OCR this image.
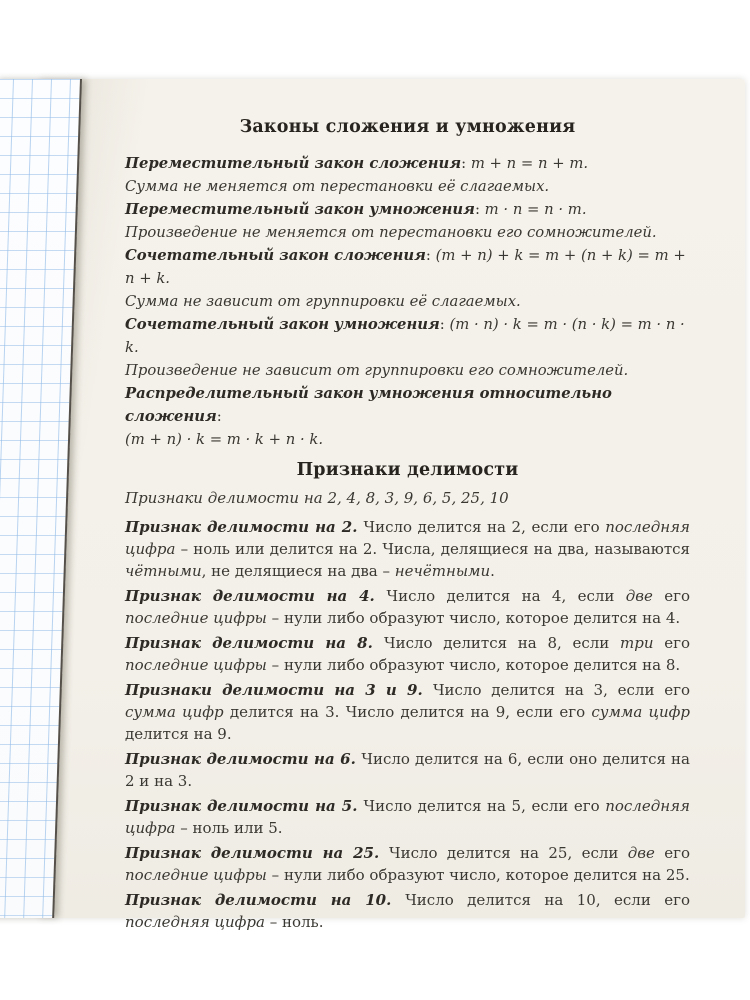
Законы сложения и умножения

Переместительный закон сложения: m + n = n + m.

Сумма не меняется от перестановки её слагаемых.

Переместительный закон умножения: m · n = n · m.

Произведение не меняется от перестановки его сомножителей.

Сочетательный закон сложения: (m + n) + k = m + (n + k) = m + n + k.

Сумма не зависит от группировки её слагаемых.

Сочетательный закон умножения: (m · n) · k = m · (n · k) = m · n · k.

Произведение не зависит от группировки его сомножителей.

Распределительный закон умножения относительно сложения:

(m + n) · k = m · k + n · k.

Признаки делимости

Признаки делимости на 2, 4, 8, 3, 9, 6, 5, 25, 10

Признак делимости на 2. Число делится на 2, если его последняя цифра – ноль или делится на 2. Числа, делящиеся на два, называются чётными, не делящиеся на два – нечётными.

Признак делимости на 4. Число делится на 4, если две его последние цифры – нули либо образуют число, которое делится на 4.

Признак делимости на 8. Число делится на 8, если три его последние цифры – нули либо образуют число, которое делится на 8.

Признаки делимости на 3 и 9. Число делится на 3, если его сумма цифр делится на 3. Число делится на 9, если его сумма цифр делится на 9.

Признак делимости на 6. Число делится на 6, если оно делится на 2 и на 3.

Признак делимости на 5. Число делится на 5, если его последняя цифра – ноль или 5.

Признак делимости на 25. Число делится на 25, если две его последние цифры – нули либо образуют число, которое делится на 25.

Признак делимости на 10. Число делится на 10, если его последняя цифра – ноль.
